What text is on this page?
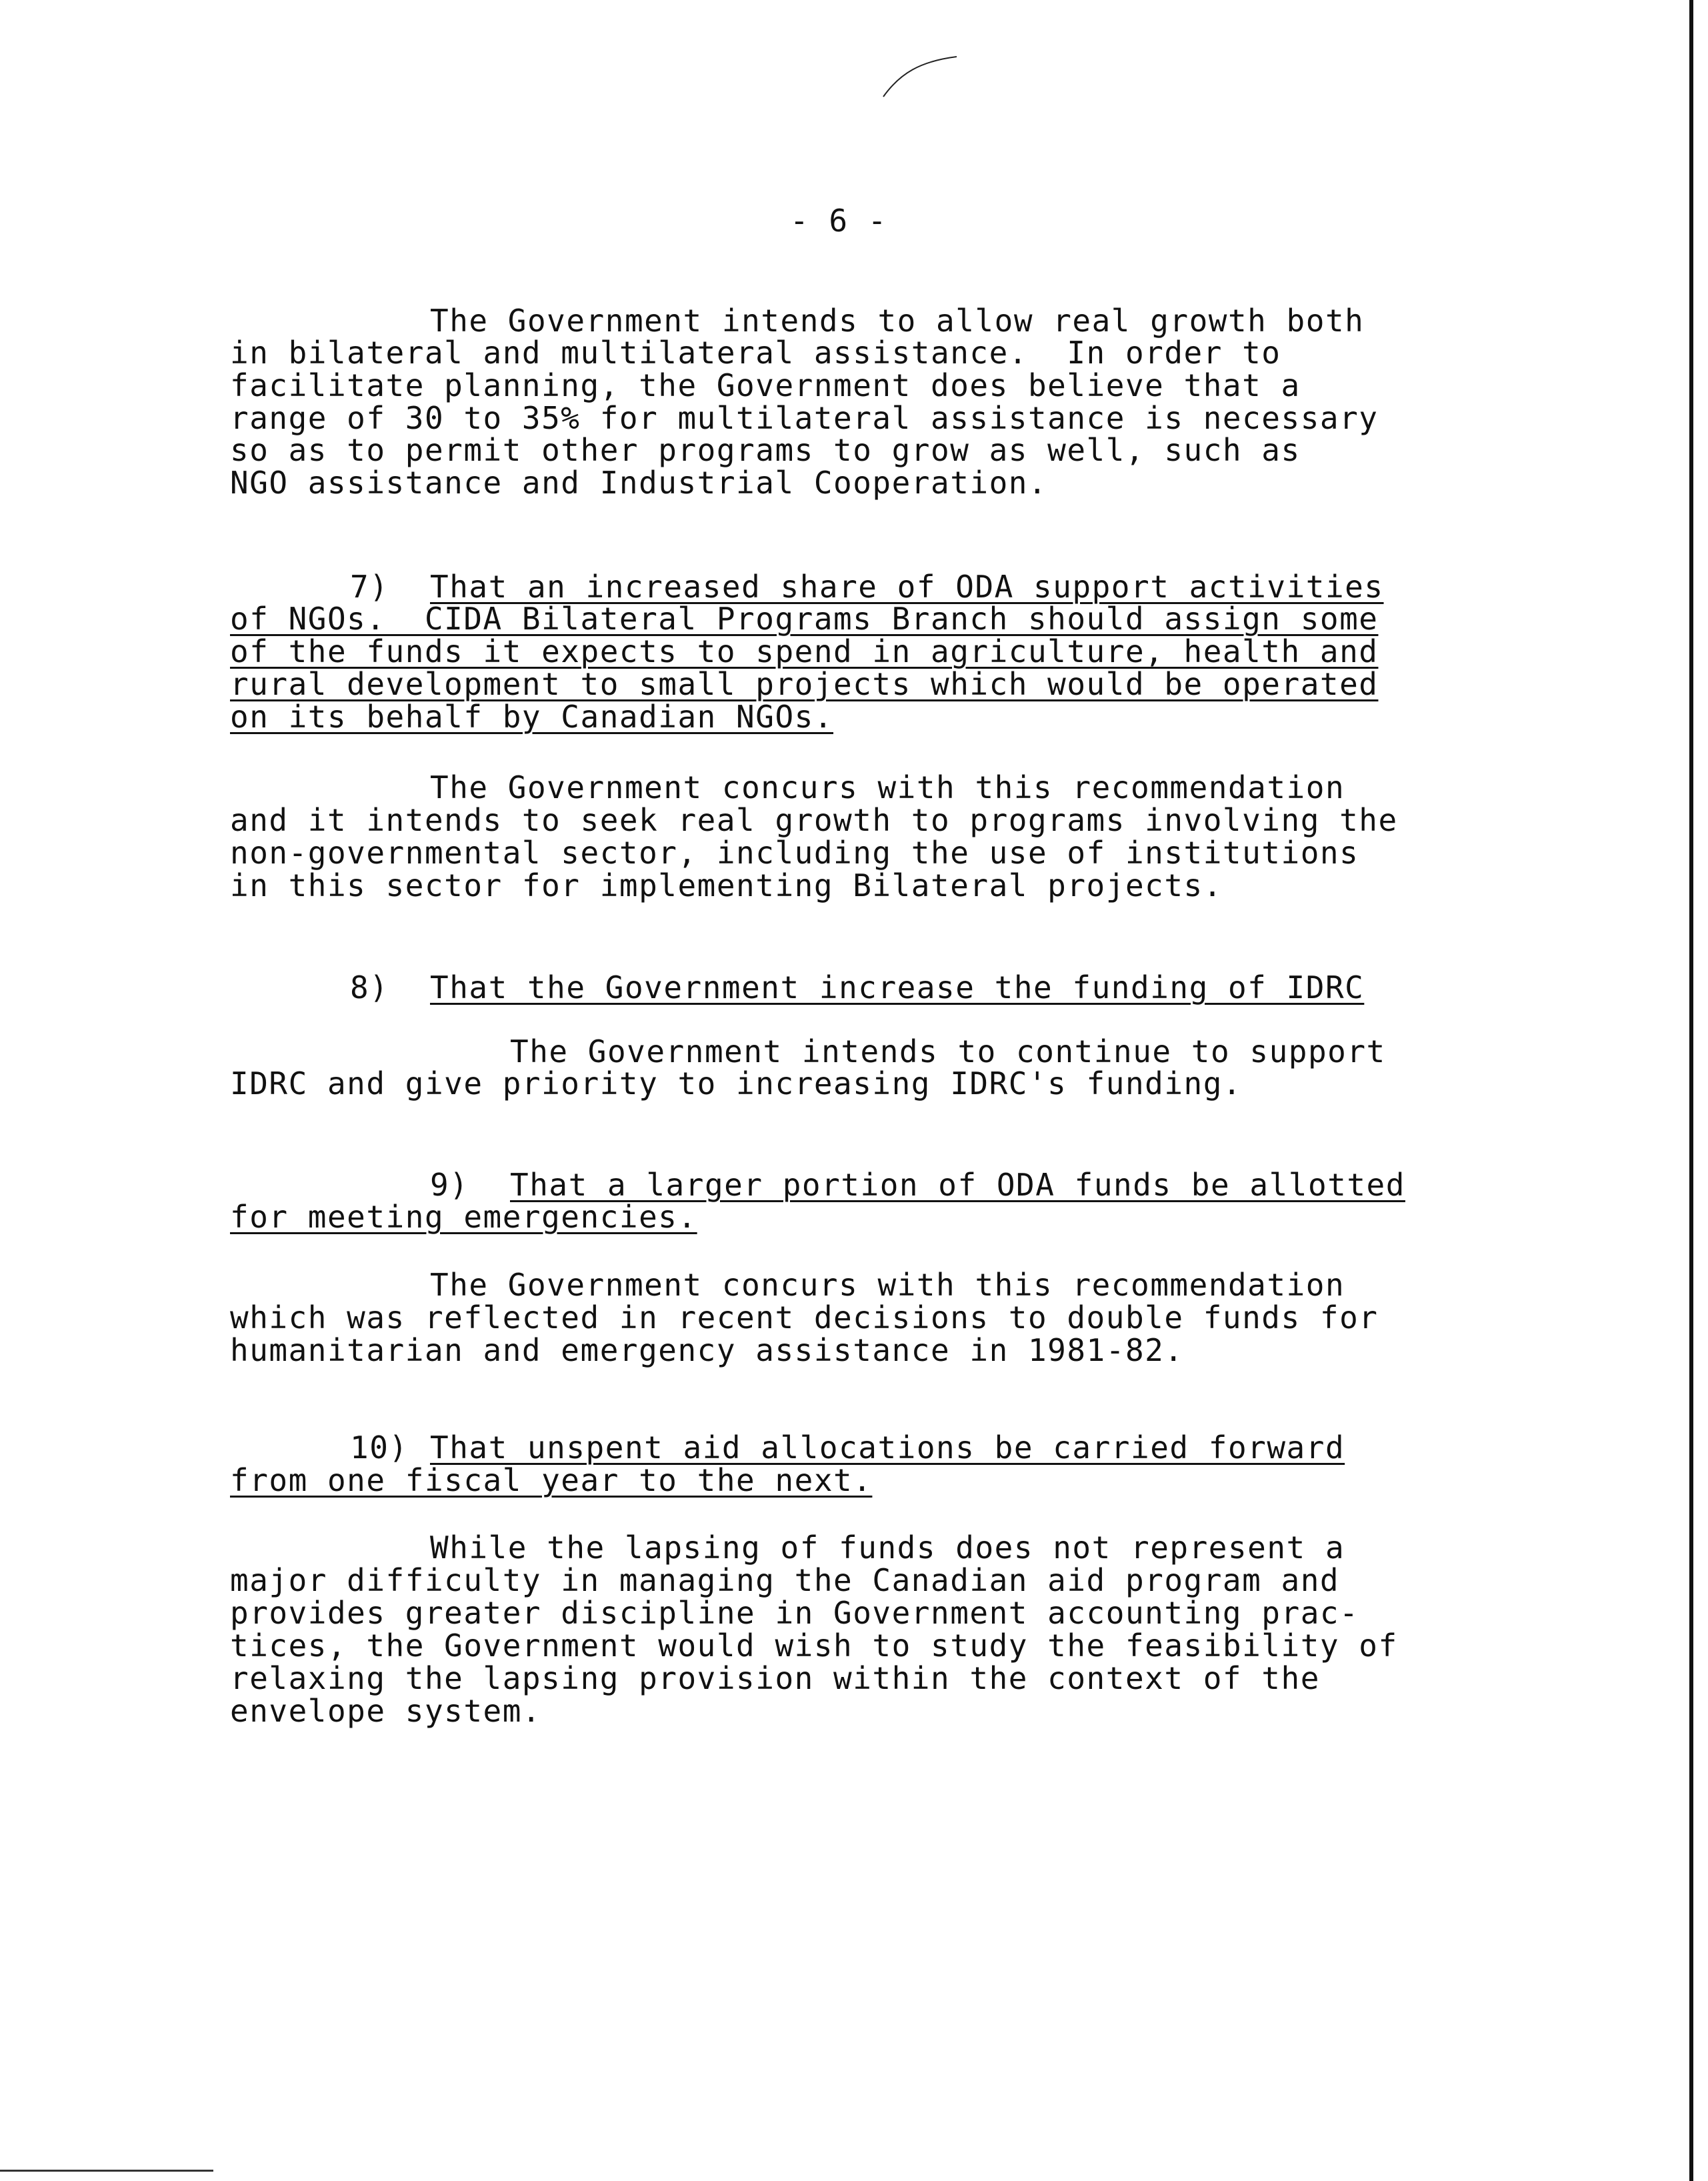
- 6 -
The Government intends to allow real growth both
in bilateral and multilateral assistance.  In order to
facilitate planning, the Government does believe that a
range of 30 to 35% for multilateral assistance is necessary
so as to permit other programs to grow as well, such as
NGO assistance and Industrial Cooperation.
7) That an increased share of ODA support activities
of NGOs.  CIDA Bilateral Programs Branch should assign some
of the funds it expects to spend in agriculture, health and
rural development to small projects which would be operated
on its behalf by Canadian NGOs.
The Government concurs with this recommendation
and it intends to seek real growth to programs involving the
non-governmental sector, including the use of institutions
in this sector for implementing Bilateral projects.
8) That the Government increase the funding of IDRC
The Government intends to continue to support
IDRC and give priority to increasing IDRC's funding.
9) That a larger portion of ODA funds be allotted
for meeting emergencies.
The Government concurs with this recommendation
which was reflected in recent decisions to double funds for
humanitarian and emergency assistance in 1981-82.
10) That unspent aid allocations be carried forward
from one fiscal year to the next.
While the lapsing of funds does not represent a
major difficulty in managing the Canadian aid program and
provides greater discipline in Government accounting prac-
tices, the Government would wish to study the feasibility of
relaxing the lapsing provision within the context of the
envelope system.
